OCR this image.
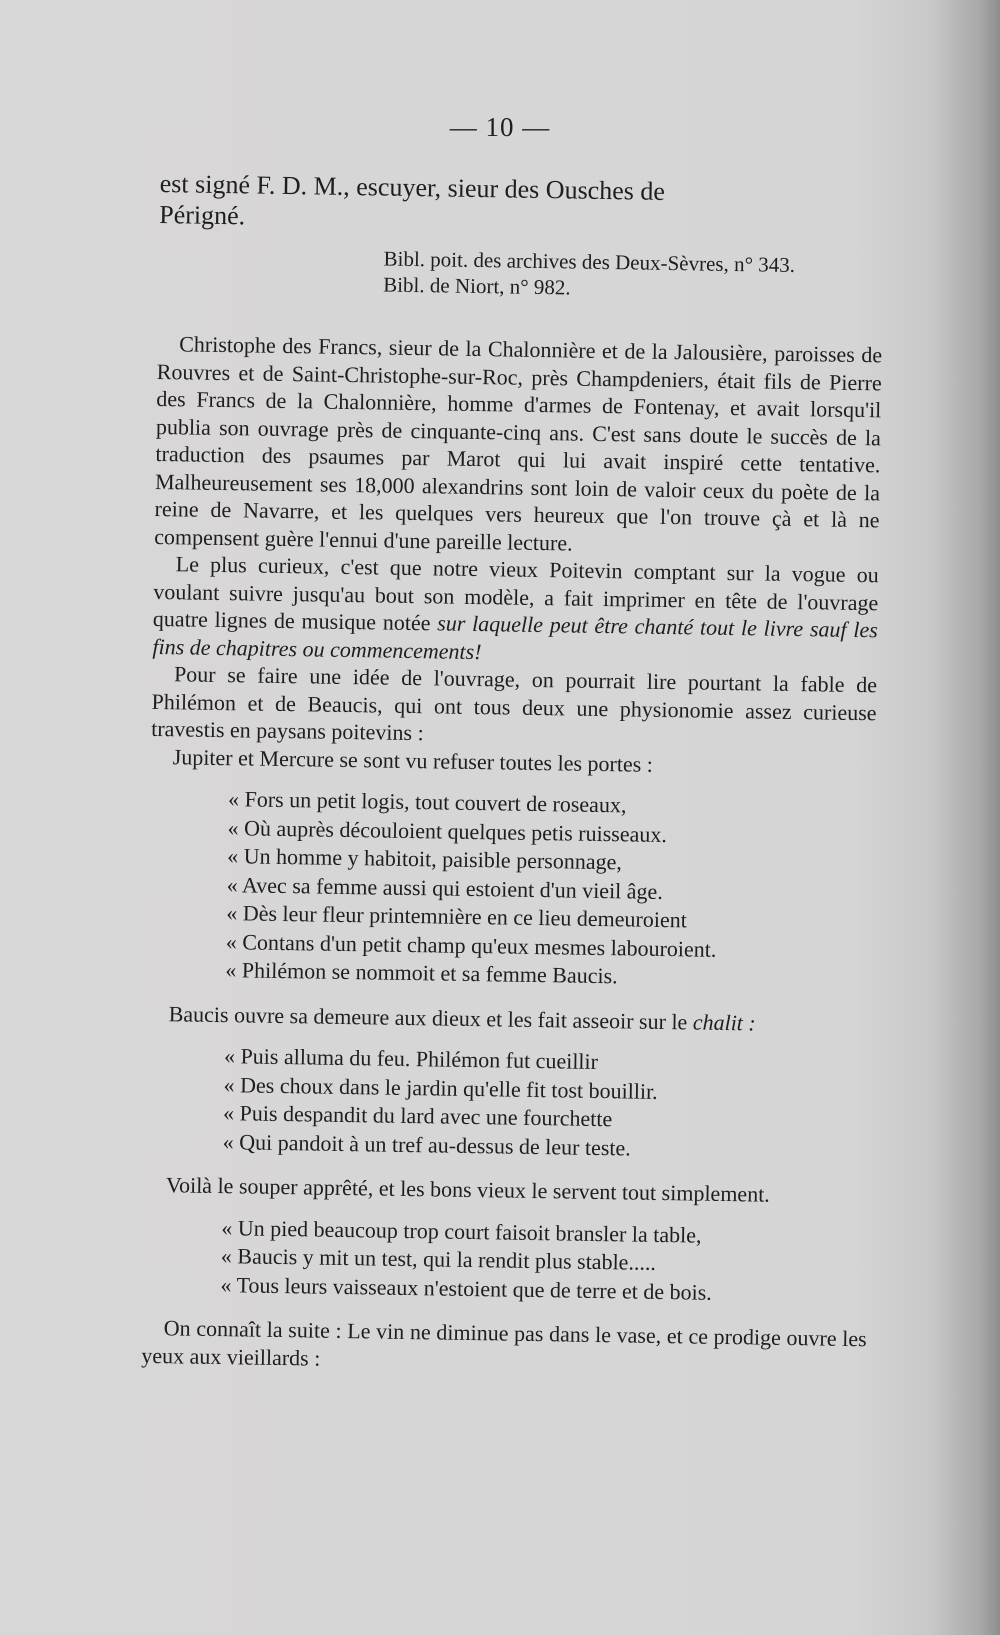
— 10 —
est signé F. D. M., escuyer, sieur des Ousches de
Périgné.
Bibl. poit. des archives des Deux-Sèvres, n° 343.
Bibl. de Niort, n° 982.

Christophe des Francs, sieur de la Chalonnière et de la Jalousière, paroisses de Rouvres et de Saint-Christophe-sur-Roc, près Champdeniers, était fils de Pierre des Francs de la Chalonnière, homme d'armes de Fontenay, et avait lorsqu'il publia son ouvrage près de cinquante-cinq ans. C'est sans doute le succès de la traduction des psaumes par Marot qui lui avait inspiré cette tentative. Malheureusement ses 18,000 alexandrins sont loin de valoir ceux du poète de la reine de Navarre, et les quelques vers heureux que l'on trouve çà et là ne compensent guère l'ennui d'une pareille lecture.

Le plus curieux, c'est que notre vieux Poitevin comptant sur la vogue ou voulant suivre jusqu'au bout son modèle, a fait imprimer en tête de l'ouvrage quatre lignes de musique notée sur laquelle peut être chanté tout le livre sauf les fins de chapitres ou commencements!

Pour se faire une idée de l'ouvrage, on pourrait lire pourtant la fable de Philémon et de Beaucis, qui ont tous deux une physionomie assez curieuse travestis en paysans poitevins :

Jupiter et Mercure se sont vu refuser toutes les portes :

« Fors un petit logis, tout couvert de roseaux,
« Où auprès découloient quelques petis ruisseaux.
« Un homme y habitoit, paisible personnage,
« Avec sa femme aussi qui estoient d'un vieil âge.
« Dès leur fleur printemnière en ce lieu demeuroient
« Contans d'un petit champ qu'eux mesmes labouroient.
« Philémon se nommoit et sa femme Baucis.

Baucis ouvre sa demeure aux dieux et les fait asseoir sur le chalit :

« Puis alluma du feu. Philémon fut cueillir
« Des choux dans le jardin qu'elle fit tost bouillir.
« Puis despandit du lard avec une fourchette
« Qui pandoit à un tref au-dessus de leur teste.

Voilà le souper apprêté, et les bons vieux le servent tout simplement.

« Un pied beaucoup trop court faisoit bransler la table,
« Baucis y mit un test, qui la rendit plus stable.....
« Tous leurs vaisseaux n'estoient que de terre et de bois.

On connaît la suite : Le vin ne diminue pas dans le vase, et ce prodige ouvre les yeux aux vieillards :
